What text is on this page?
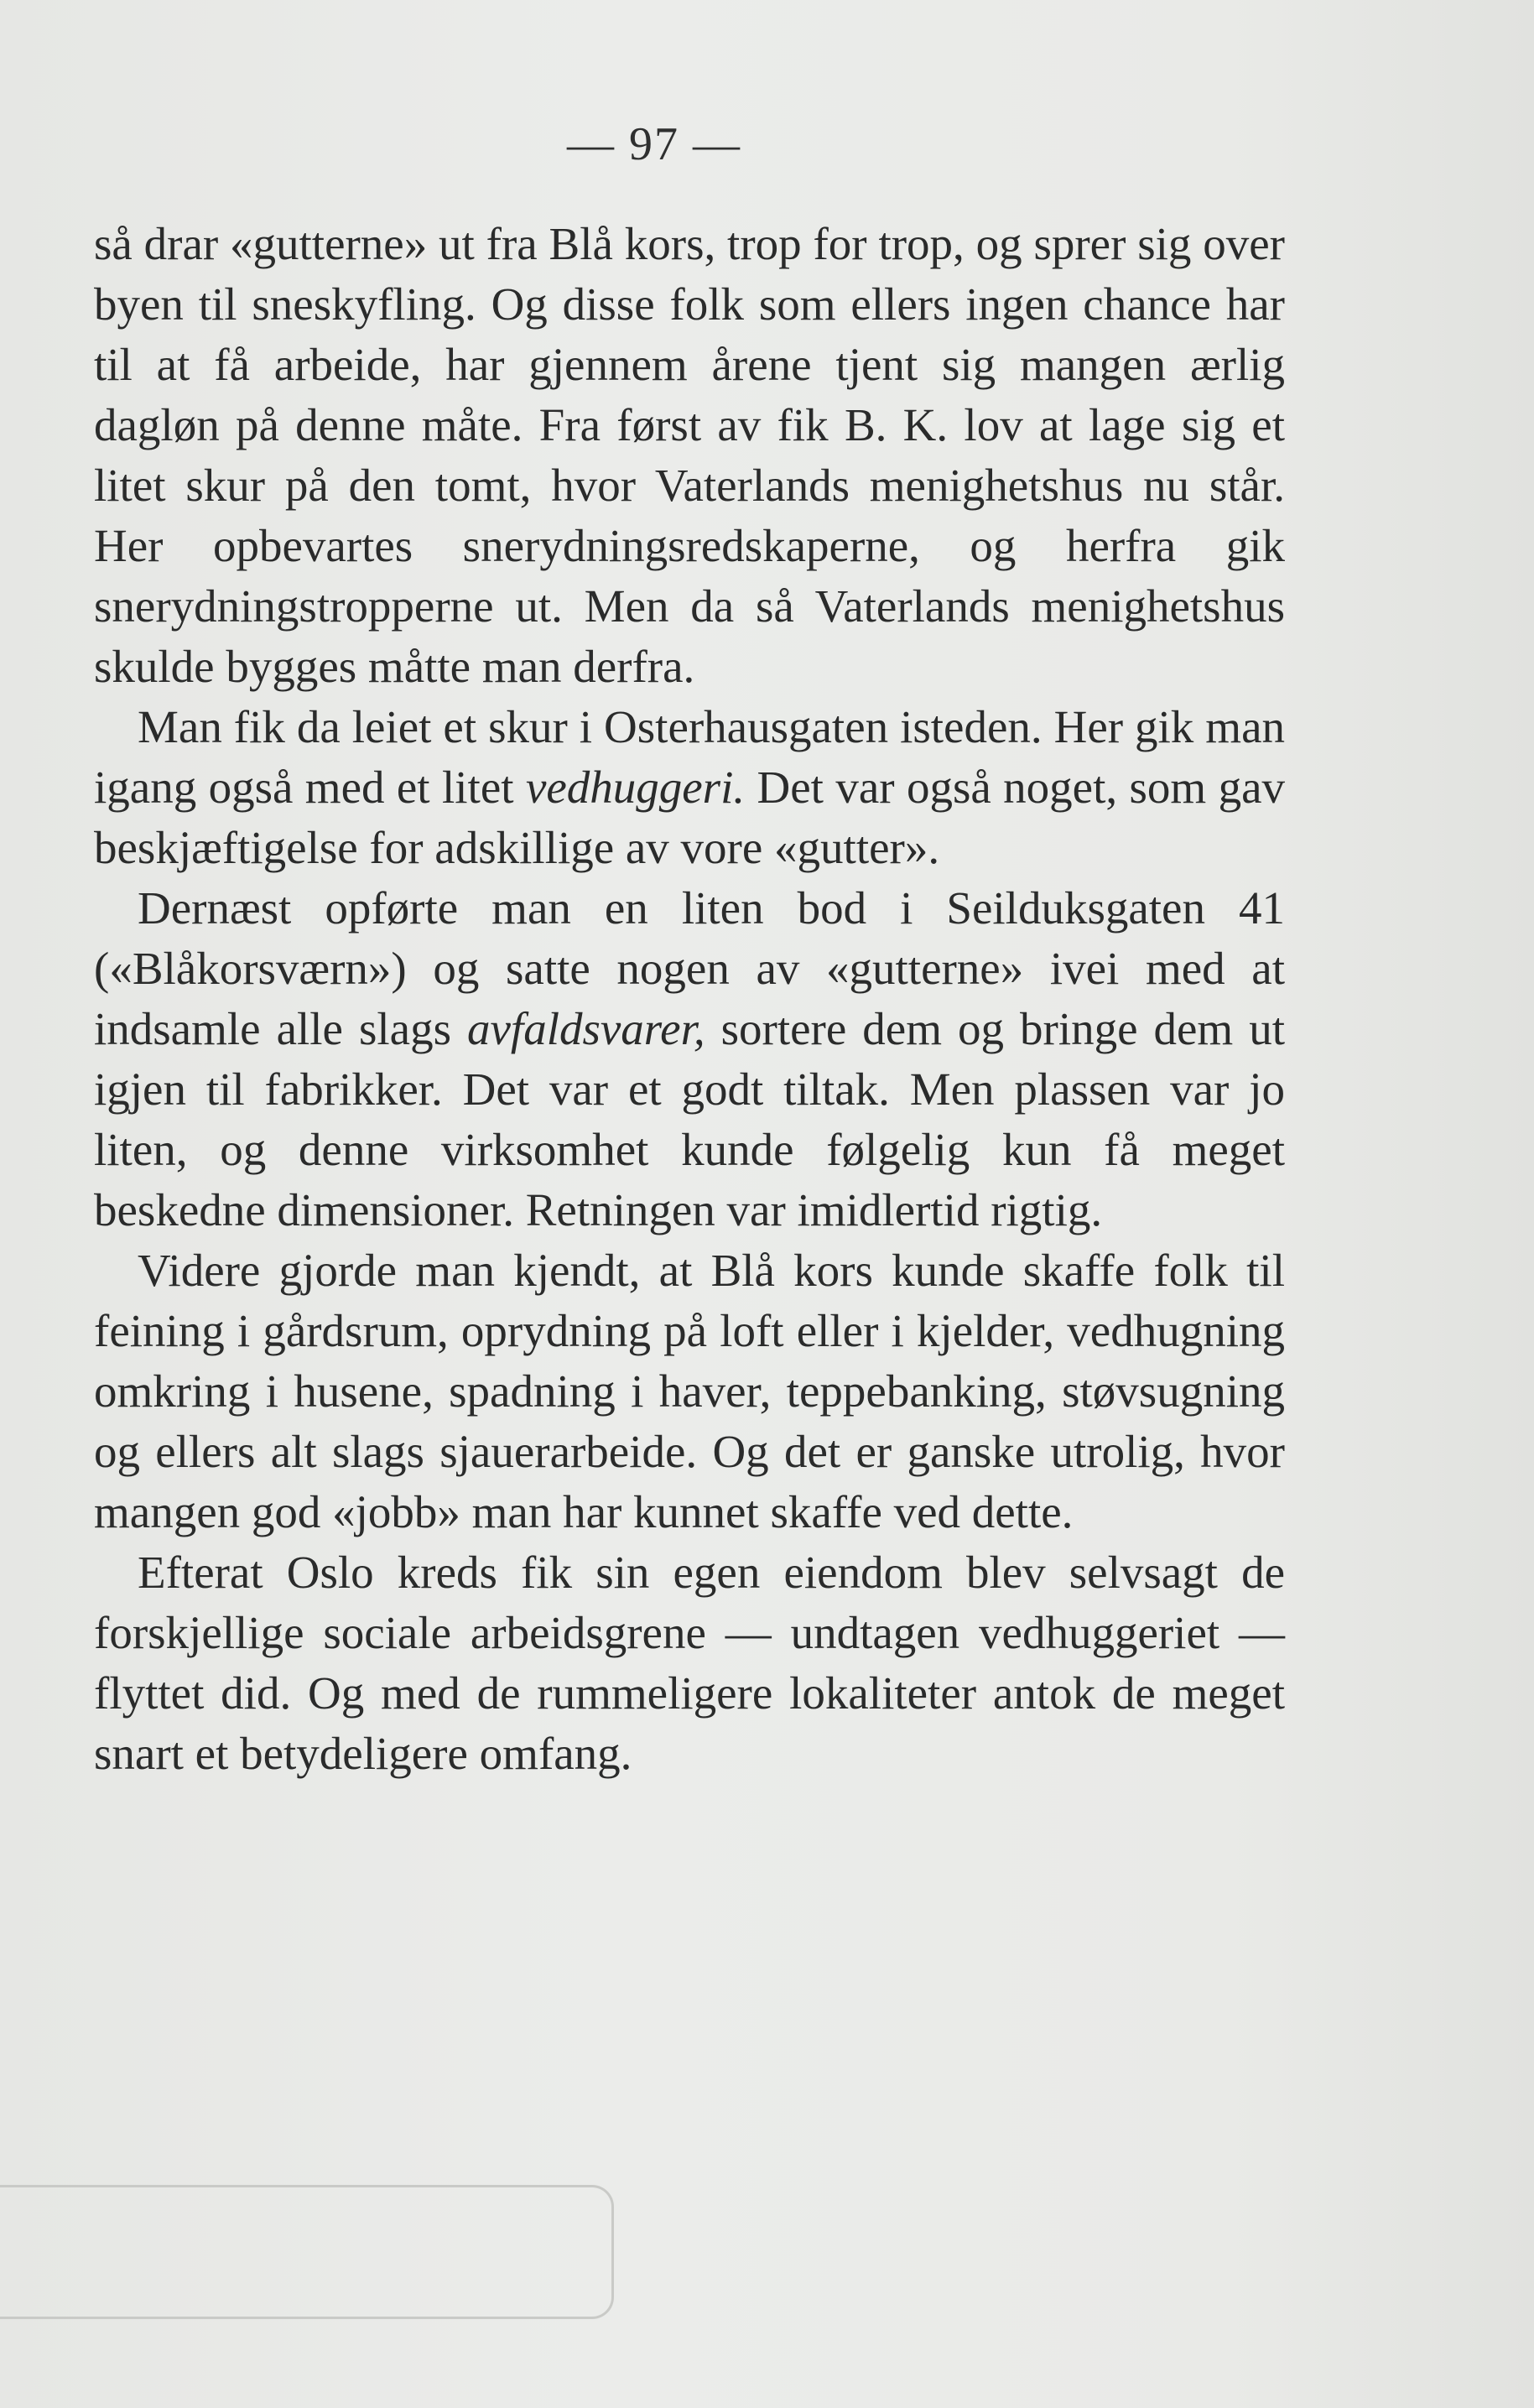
— 97 —

så drar «gutterne» ut fra Blå kors, trop for trop, og sprer sig over byen til sneskyfling. Og disse folk som ellers ingen chance har til at få arbeide, har gjennem årene tjent sig mangen ærlig dagløn på denne måte. Fra først av fik B. K. lov at lage sig et litet skur på den tomt, hvor Vaterlands menighetshus nu står. Her opbevartes snerydningsredskaperne, og herfra gik snerydningstropperne ut. Men da så Vaterlands menighetshus skulde bygges måtte man derfra.

Man fik da leiet et skur i Osterhausgaten isteden. Her gik man igang også med et litet vedhuggeri. Det var også noget, som gav beskjæftigelse for adskillige av vore «gutter».

Dernæst opførte man en liten bod i Seilduksgaten 41 («Blåkorsværn») og satte nogen av «gutterne» ivei med at indsamle alle slags avfaldsvarer, sortere dem og bringe dem ut igjen til fabrikker. Det var et godt tiltak. Men plassen var jo liten, og denne virksomhet kunde følgelig kun få meget beskedne dimensioner. Retningen var imidlertid rigtig.

Videre gjorde man kjendt, at Blå kors kunde skaffe folk til feining i gårdsrum, oprydning på loft eller i kjelder, vedhugning omkring i husene, spadning i haver, teppebanking, støvsugning og ellers alt slags sjauerarbeide. Og det er ganske utrolig, hvor mangen god «jobb» man har kunnet skaffe ved dette.

Efterat Oslo kreds fik sin egen eiendom blev selvsagt de forskjellige sociale arbeidsgrene — undtagen vedhuggeriet — flyttet did. Og med de rummeligere lokaliteter antok de meget snart et betydeligere omfang.
